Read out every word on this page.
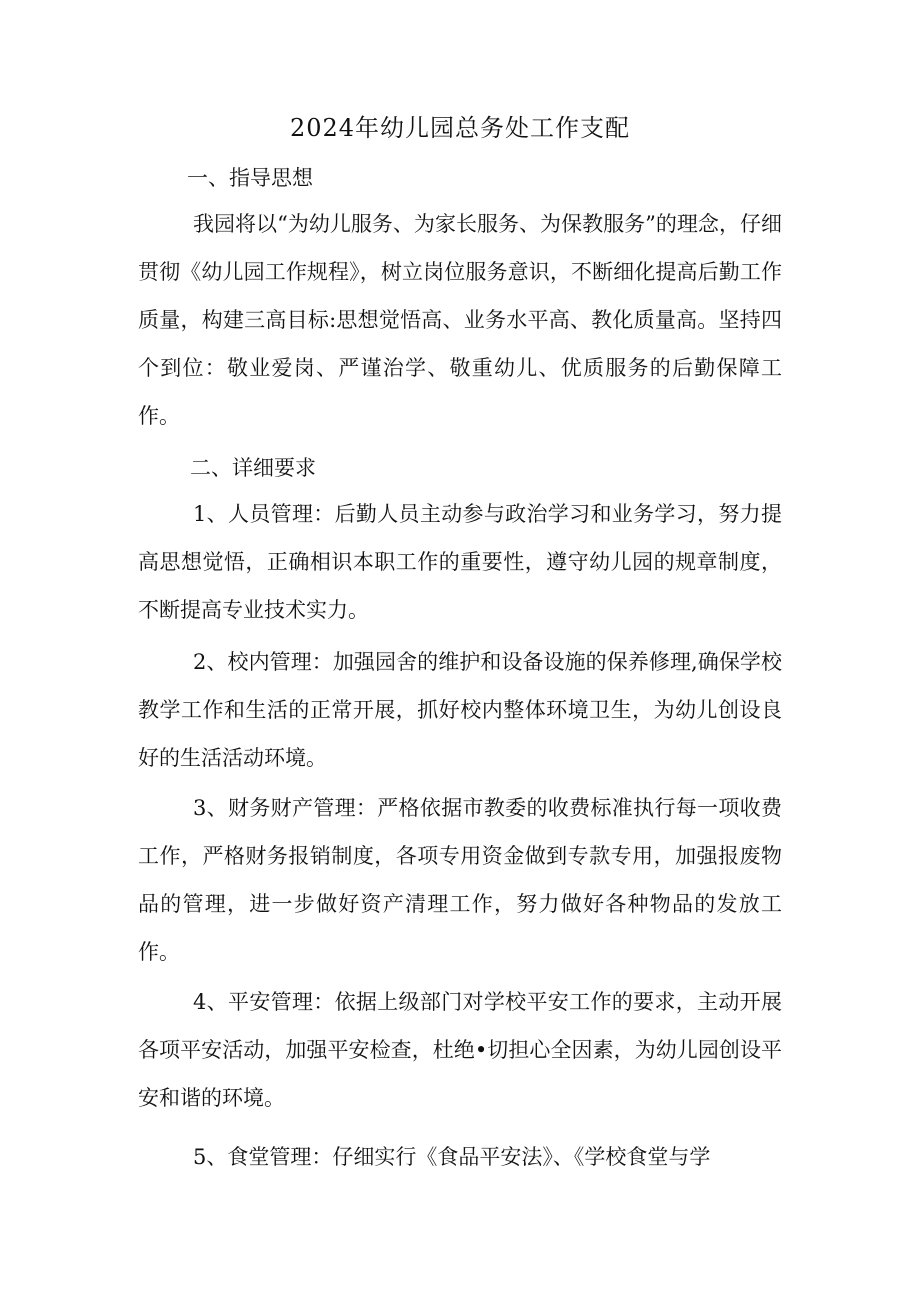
2024年幼儿园总务处工作支配
一、指导思想

我园将以“为幼儿服务、为家长服务、为保教服务”的理念，仔细贯彻《幼儿园工作规程》，树立岗位服务意识，不断细化提高后勤工作质量，构建三高目标:思想觉悟高、业务水平高、教化质量高。坚持四个到位：敬业爱岗、严谨治学、敬重幼儿、优质服务的后勤保障工作。

二、详细要求

1、人员管理：后勤人员主动参与政治学习和业务学习，努力提高思想觉悟，正确相识本职工作的重要性，遵守幼儿园的规章制度，不断提高专业技术实力。

2、校内管理：加强园舍的维护和设备设施的保养修理,确保学校教学工作和生活的正常开展，抓好校内整体环境卫生，为幼儿创设良好的生活活动环境。

3、财务财产管理：严格依据市教委的收费标准执行每一项收费工作，严格财务报销制度，各项专用资金做到专款专用，加强报废物品的管理，进一步做好资产清理工作，努力做好各种物品的发放工作。

4、平安管理：依据上级部门对学校平安工作的要求，主动开展各项平安活动，加强平安检查，杜绝•切担心全因素，为幼儿园创设平安和谐的环境。

5、食堂管理：仔细实行《食品平安法》、《学校食堂与学
